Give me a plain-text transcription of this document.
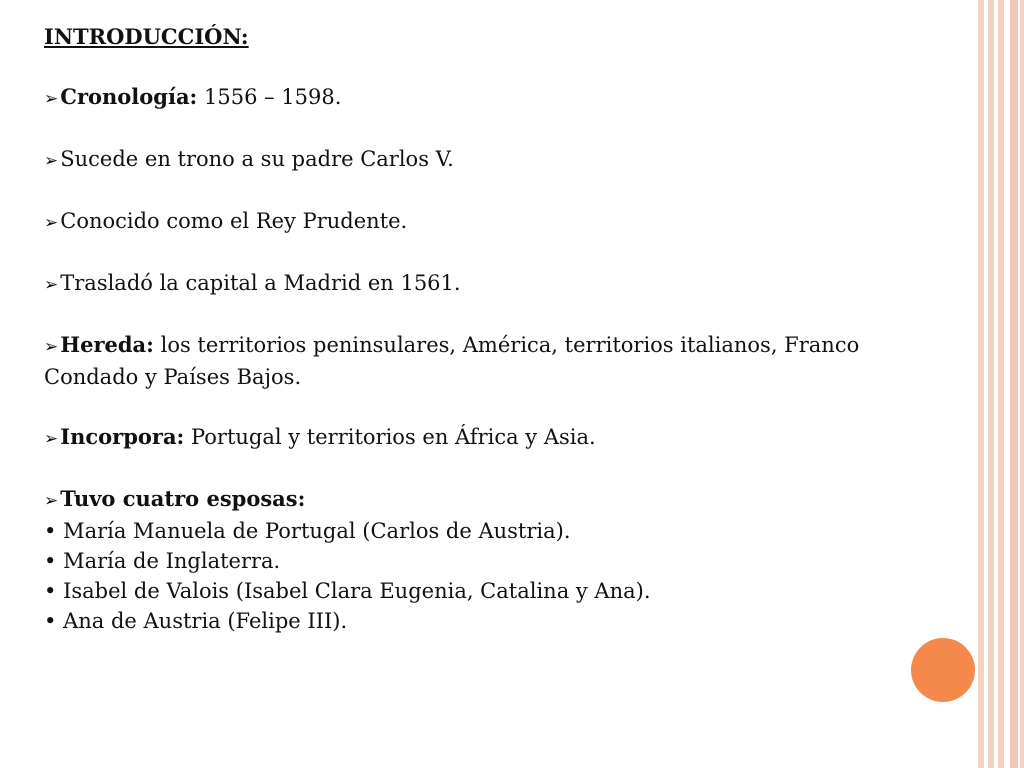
INTRODUCCIÓN:

➢Cronología: 1556 – 1598.

➢Sucede en trono a su padre Carlos V.

➢Conocido como el Rey Prudente.

➢Trasladó la capital a Madrid en 1561.

➢Hereda: los territorios peninsulares, América, territorios italianos, Franco Condado y Países Bajos.

➢Incorpora: Portugal y territorios en África y Asia.

➢Tuvo cuatro esposas:

• María Manuela de Portugal (Carlos de Austria).

• María de Inglaterra.

• Isabel de Valois (Isabel Clara Eugenia, Catalina y Ana).

• Ana de Austria (Felipe III).
